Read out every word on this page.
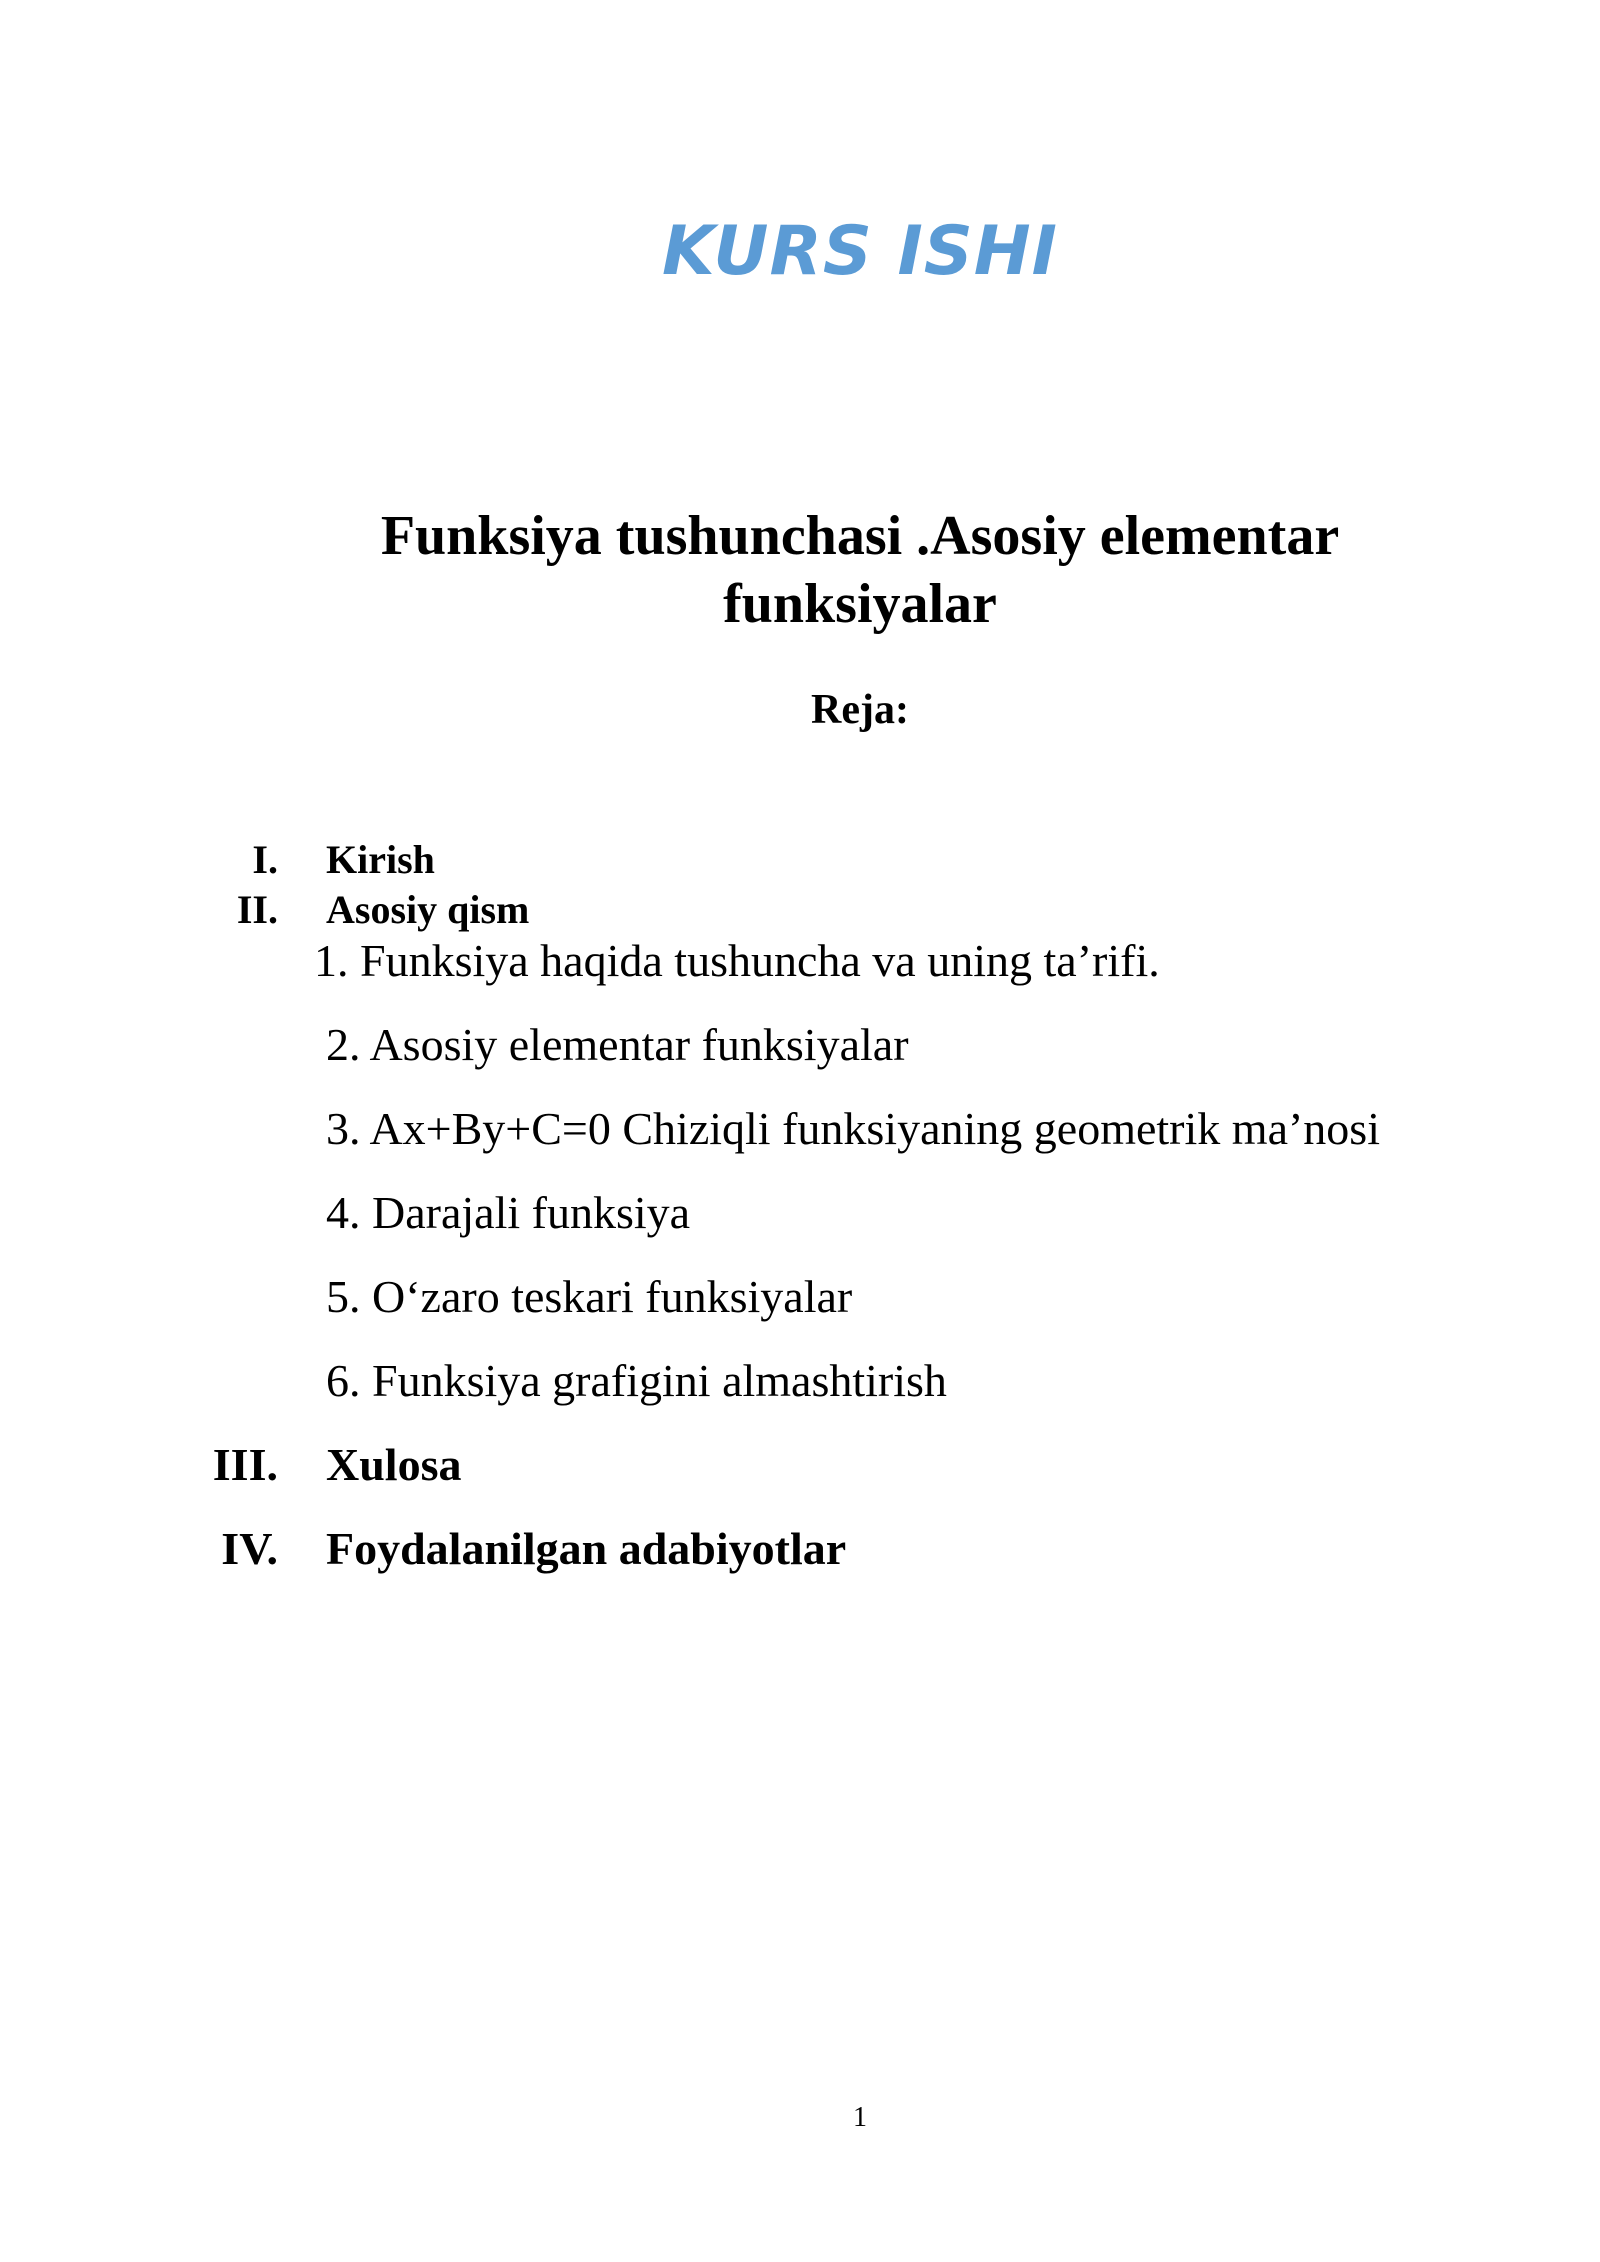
KURS ISHI
Funksiya tushunchasi .Asosiy elementar
funksiyalar
Reja:
I. Kirish
II. Asosiy qism
1. Funksiya haqida tushuncha va uning ta’rifi.
2. Asosiy elementar funksiyalar
3. Ax+By+C=0 Chiziqli funksiyaning geometrik ma’nosi
4. Darajali funksiya
5. O‘zaro teskari funksiyalar
6. Funksiya grafigini almashtirish
III. Xulosa
IV. Foydalanilgan adabiyotlar
1
